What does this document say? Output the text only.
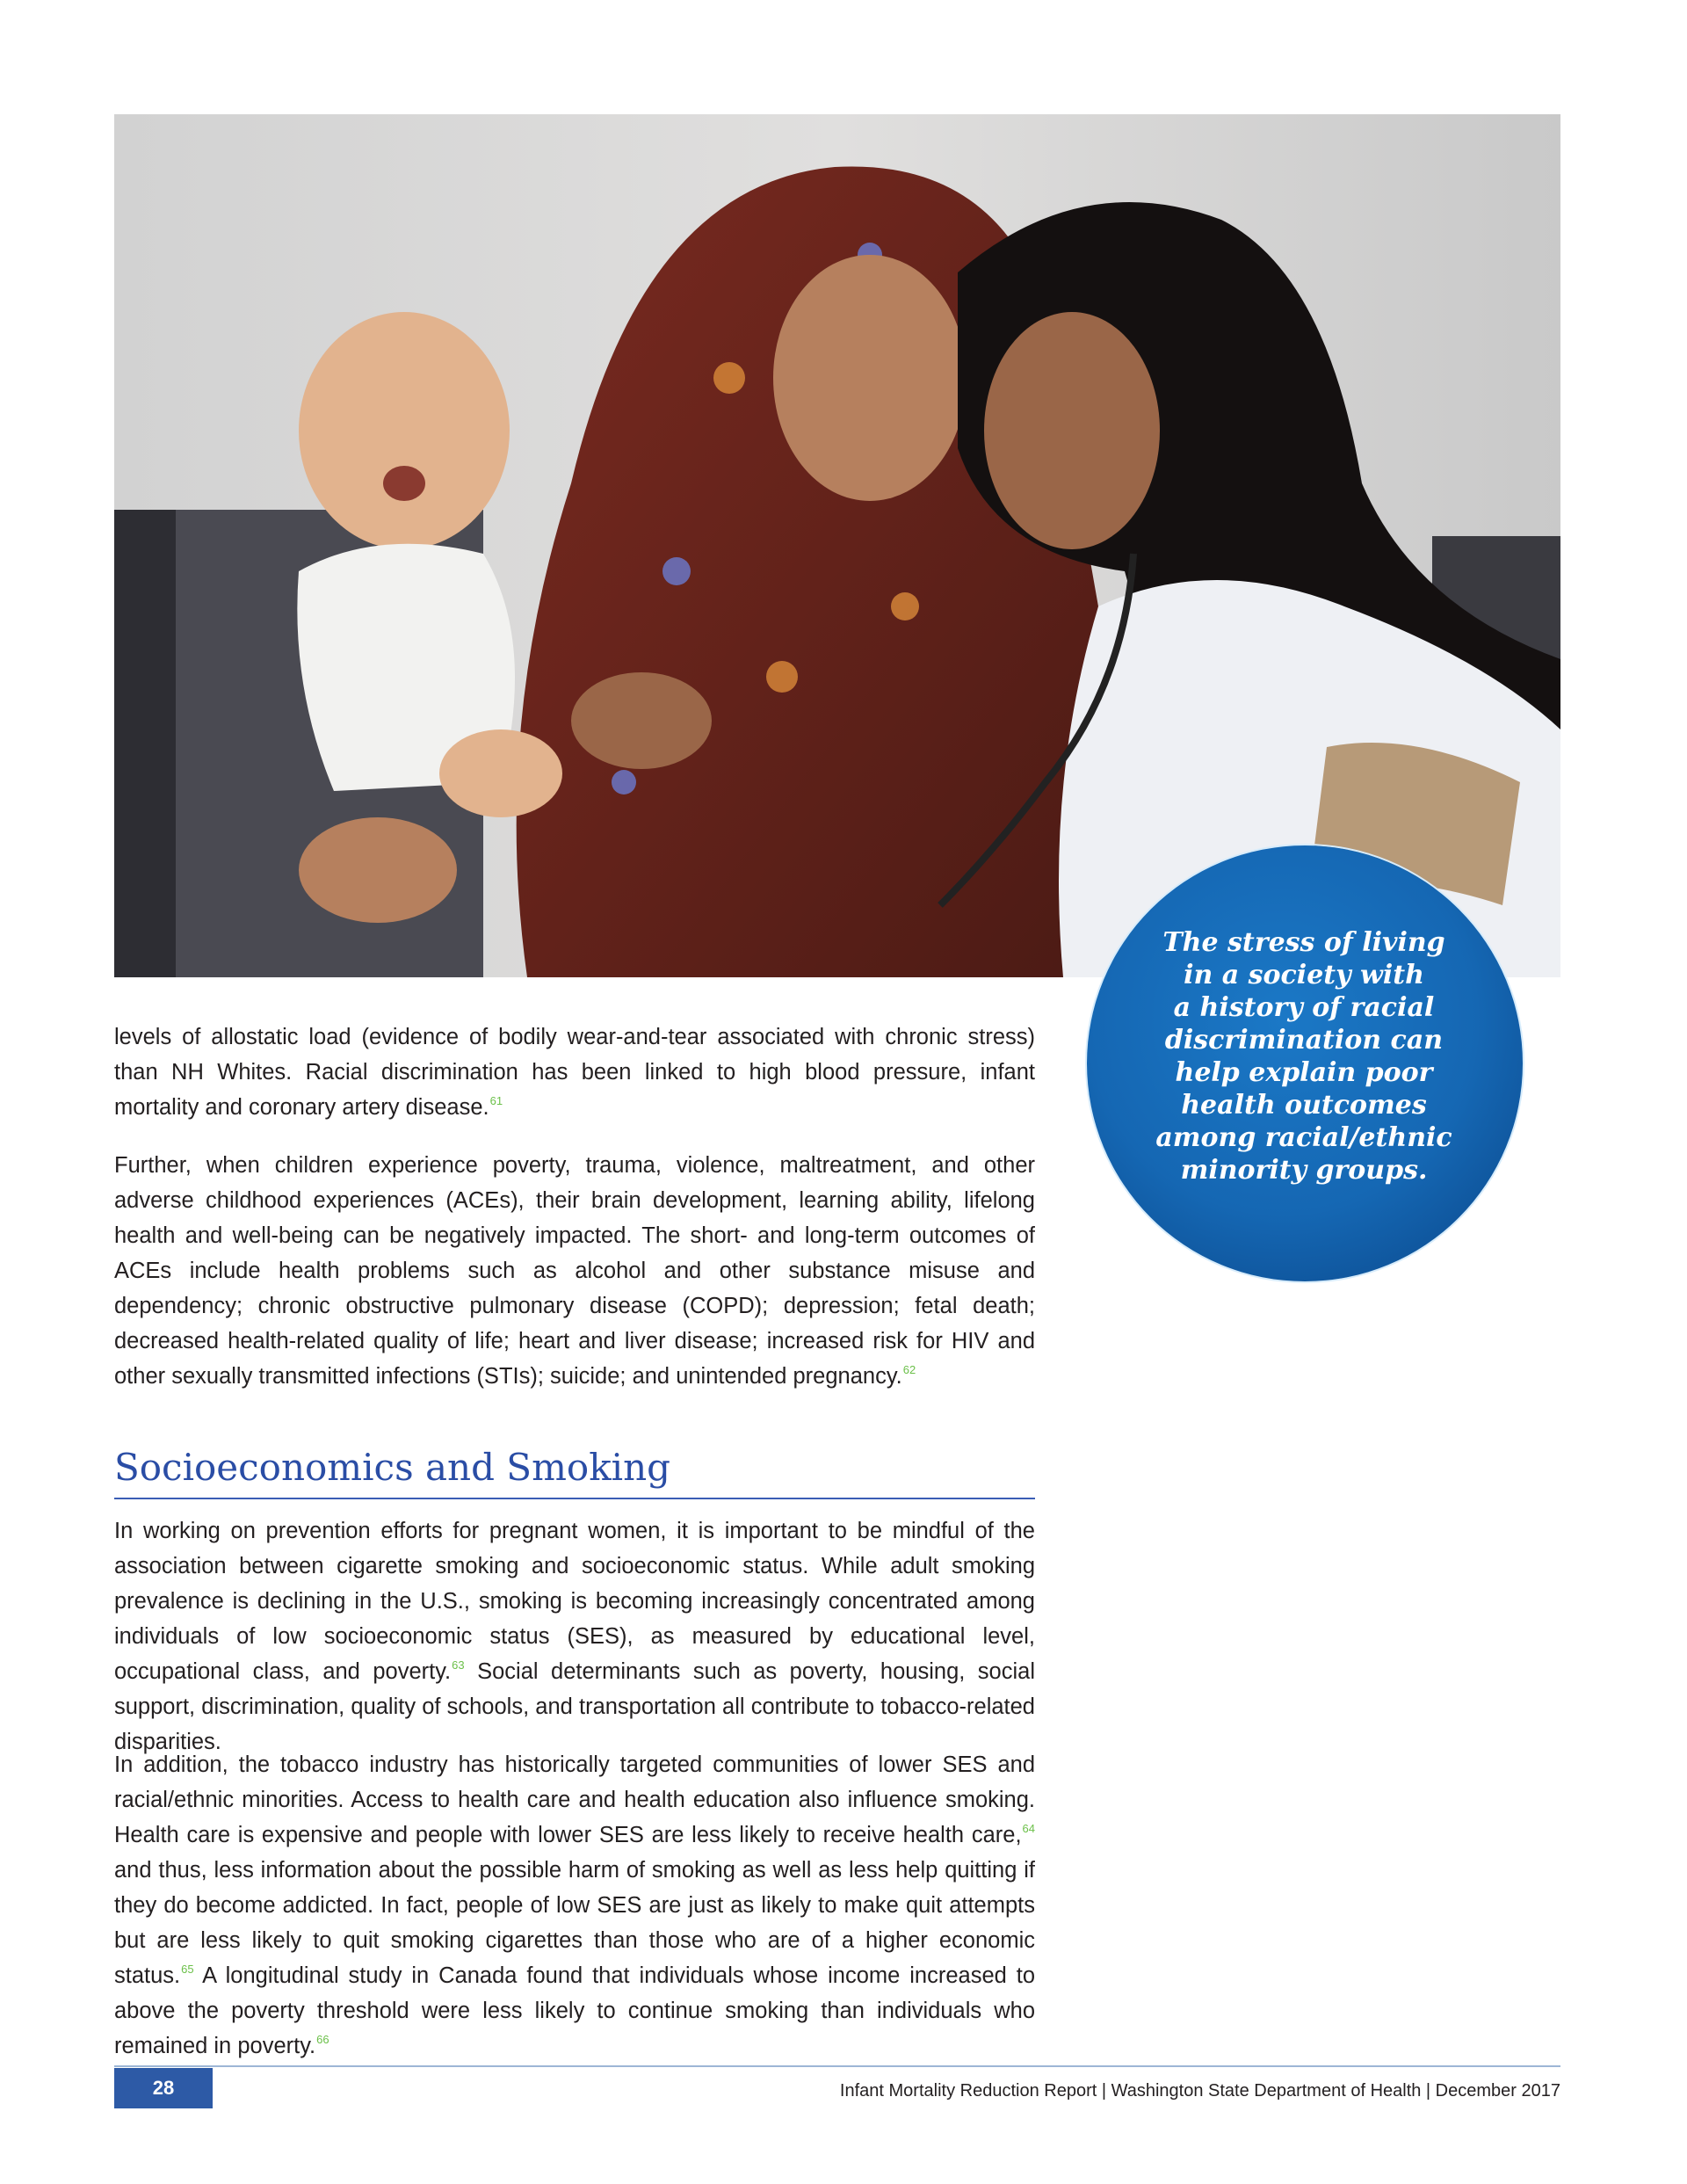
The stress of living
in a society with
a history of racial
discrimination can
help explain poor
health outcomes
among racial/ethnic
minority groups.

levels of allostatic load (evidence of bodily wear-and-tear associated with chronic stress) than NH Whites. Racial discrimination has been linked to high blood pressure, infant mortality and coronary artery disease.$^{61}$

Further, when children experience poverty, trauma, violence, maltreatment, and other adverse childhood experiences (ACEs), their brain development, learning ability, lifelong health and well-being can be negatively impacted. The short- and long-term outcomes of ACEs include health problems such as alcohol and other substance misuse and dependency; chronic obstructive pulmonary disease (COPD); depression; fetal death; decreased health-related quality of life; heart and liver disease; increased risk for HIV and other sexually transmitted infections (STIs); suicide; and unintended pregnancy.$^{62}$

Socioeconomics and Smoking

In working on prevention efforts for pregnant women, it is important to be mindful of the association between cigarette smoking and socioeconomic status. While adult smoking prevalence is declining in the U.S., smoking is becoming increasingly concentrated among individuals of low socioeconomic status (SES), as measured by educational level, occupational class, and poverty.$^{63}$ Social determinants such as poverty, housing, social support, discrimination, quality of schools, and transportation all contribute to tobacco-related disparities.

In addition, the tobacco industry has historically targeted communities of lower SES and racial/ethnic minorities. Access to health care and health education also influence smoking. Health care is expensive and people with lower SES are less likely to receive health care,$^{64}$ and thus, less information about the possible harm of smoking as well as less help quitting if they do become addicted. In fact, people of low SES are just as likely to make quit attempts but are less likely to quit smoking cigarettes than those who are of a higher economic status.$^{65}$ A longitudinal study in Canada found that individuals whose income increased to above the poverty threshold were less likely to continue smoking than individuals who remained in poverty.$^{66}$

28	Infant Mortality Reduction Report | Washington State Department of Health | December 2017
